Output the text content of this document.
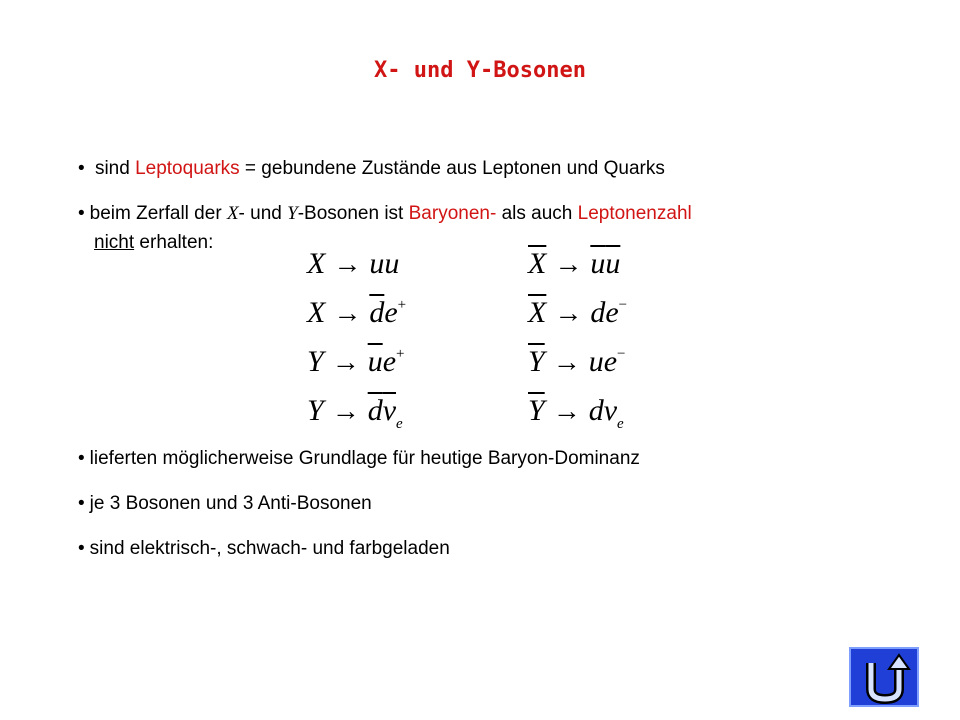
X- und Y-Bosonen
• sind Leptoquarks = gebundene Zustände aus Leptonen und Quarks
• beim Zerfall der X- und Y-Bosonen ist Baryonen- als auch Leptonenzahl
nicht erhalten:
X → uu
$X \to \overline{d}e^+$
$Y \to \overline{u}e^+$
$Y \to \overline{d}\overline{\nu}_e$
$\overline{X} \to \overline{u}\overline{u}$
$\overline{X} \to de^-$
$\overline{Y} \to ue^-$
$\overline{Y} \to d\nu_e$
• lieferten möglicherweise Grundlage für heutige Baryon-Dominanz
• je 3 Bosonen und 3 Anti-Bosonen
• sind elektrisch-, schwach- und farbgeladen
